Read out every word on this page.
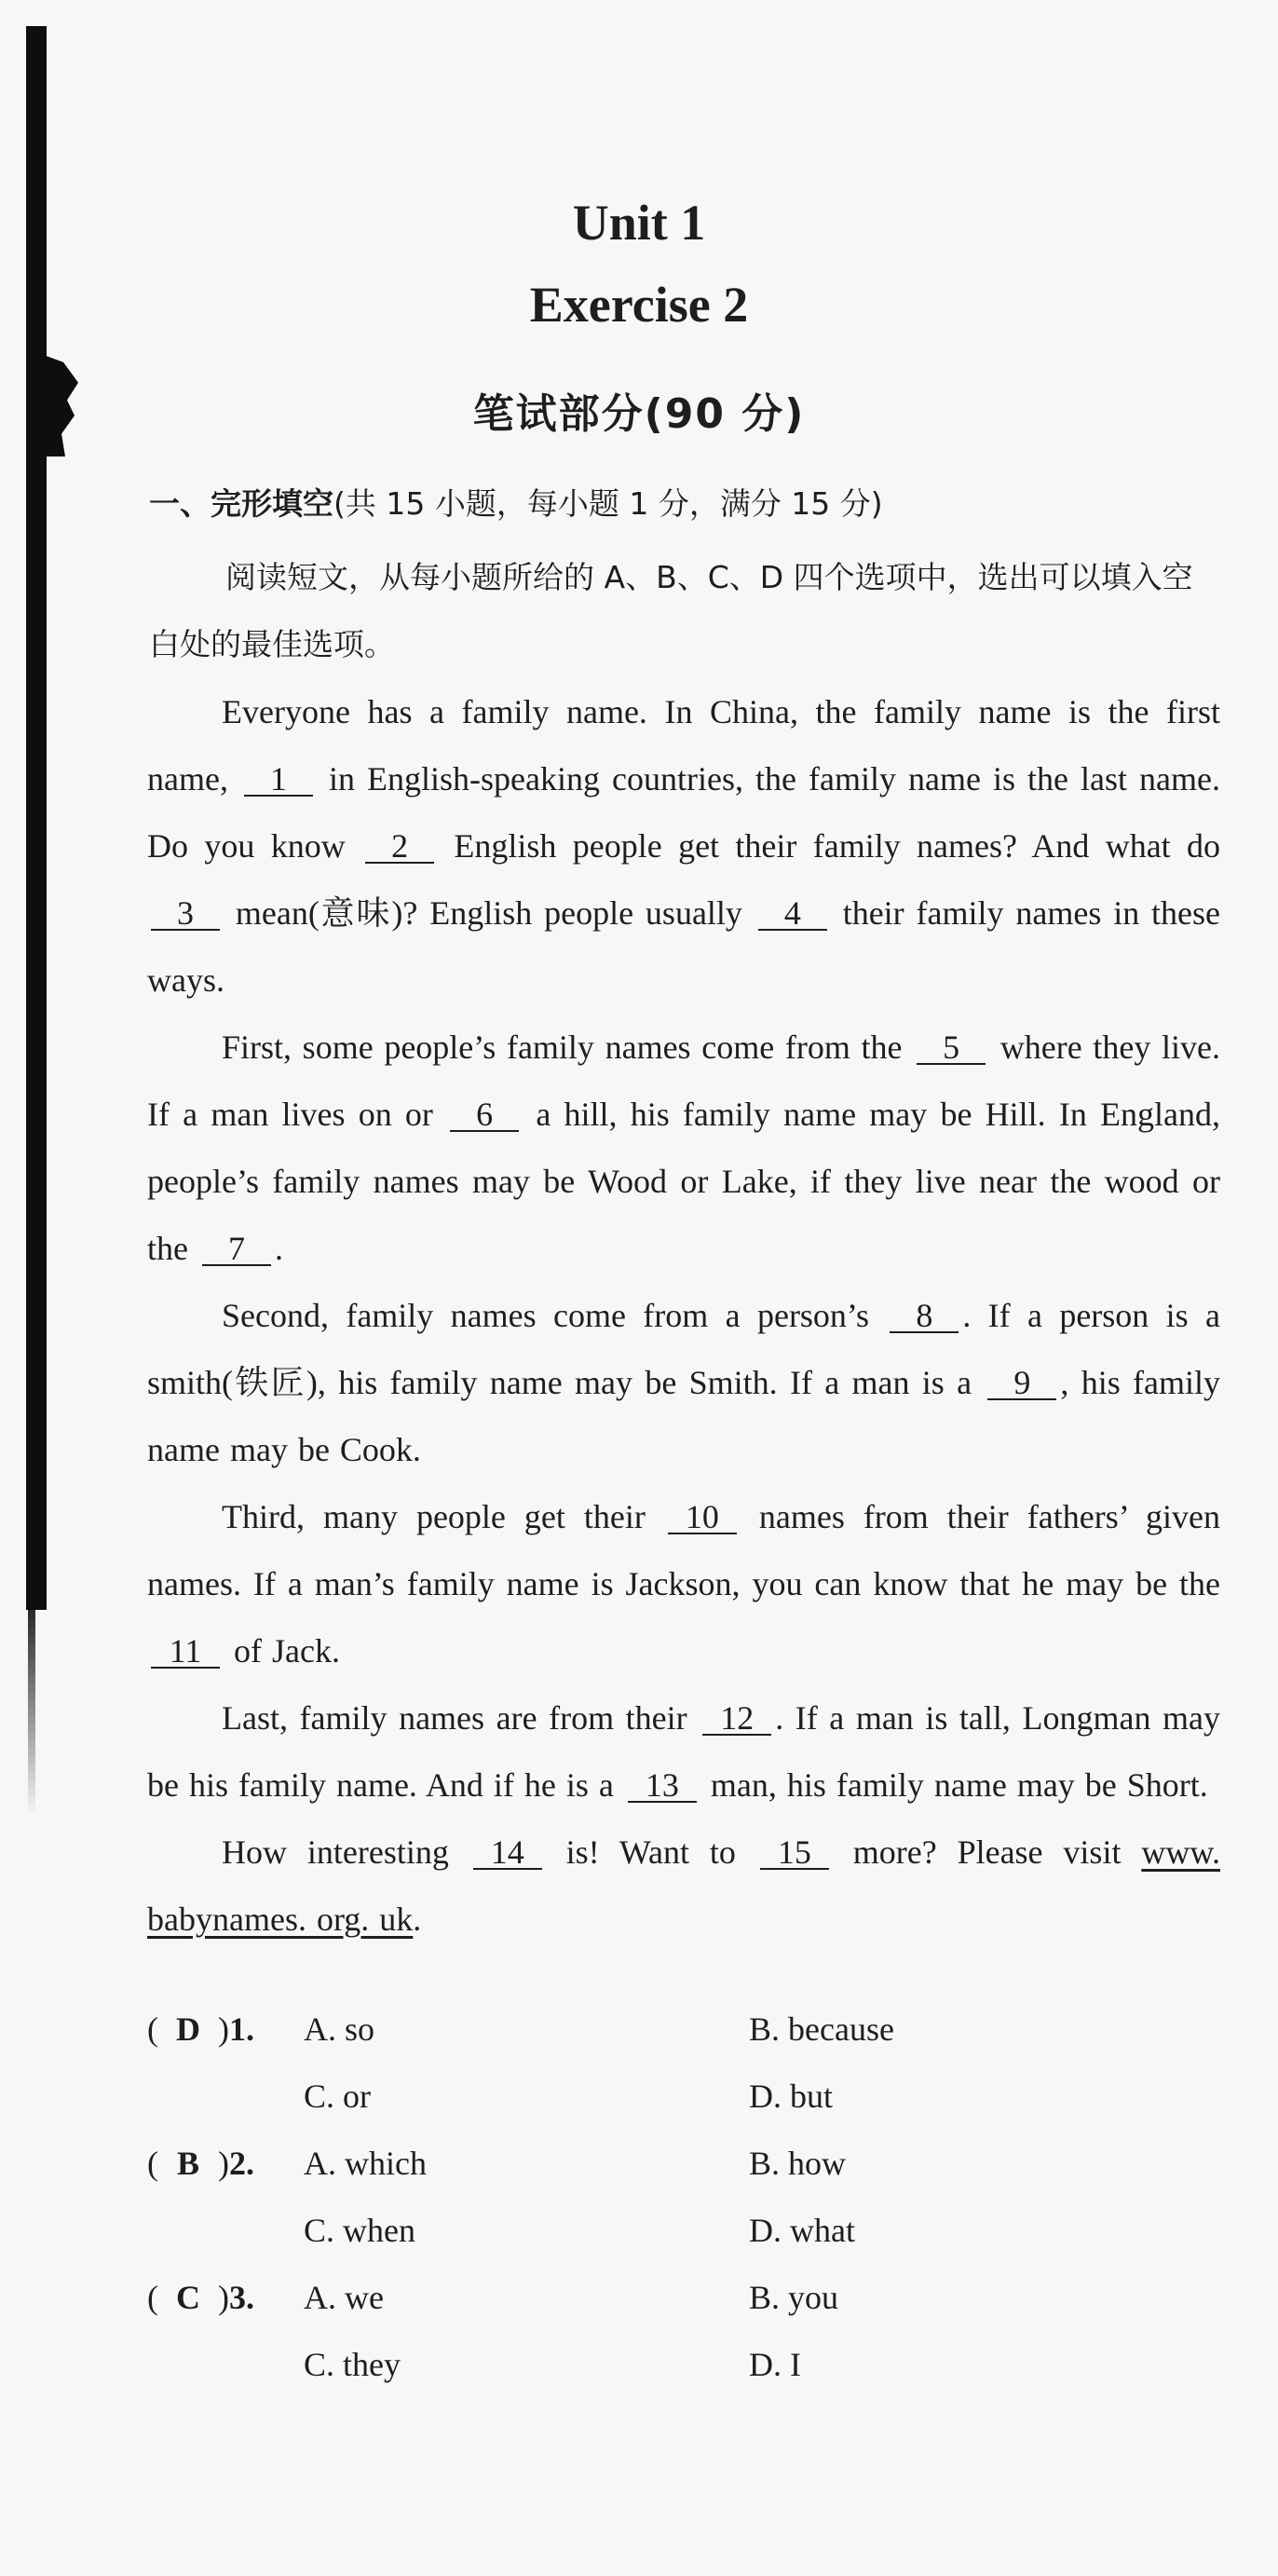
Unit 1
Exercise 2
笔试部分(90 分)
一、完形填空(共 15 小题，每小题 1 分，满分 15 分)

阅读短文，从每小题所给的 A、B、C、D 四个选项中，选出可以填入空白处的最佳选项。

Everyone has a family name. In China, the family name is the first name, 1 in English-speaking countries, the family name is the last name. Do you know 2 English people get their family names? And what do 3 mean(意味)? English people usually 4 their family names in these ways.

First, some people’s family names come from the 5 where they live. If a man lives on or 6 a hill, his family name may be Hill. In England, people’s family names may be Wood or Lake, if they live near the wood or the 7 .

Second, family names come from a person’s 8 . If a person is a smith(铁匠), his family name may be Smith. If a man is a 9 , his family name may be Cook.

Third, many people get their 10 names from their fathers’ given names. If a man’s family name is Jackson, you can know that he may be the 11 of Jack.

Last, family names are from their 12 . If a man is tall, Longman may be his family name. And if he is a 13 man, his family name may be Short.

How interesting 14 is! Want to 15 more? Please visit www. babynames. org. uk.

( D )1. A. so	B. because
C. or	D. but
( B )2. A. which	B. how
C. when	D. what
( C )3. A. we	B. you
C. they	D. I
